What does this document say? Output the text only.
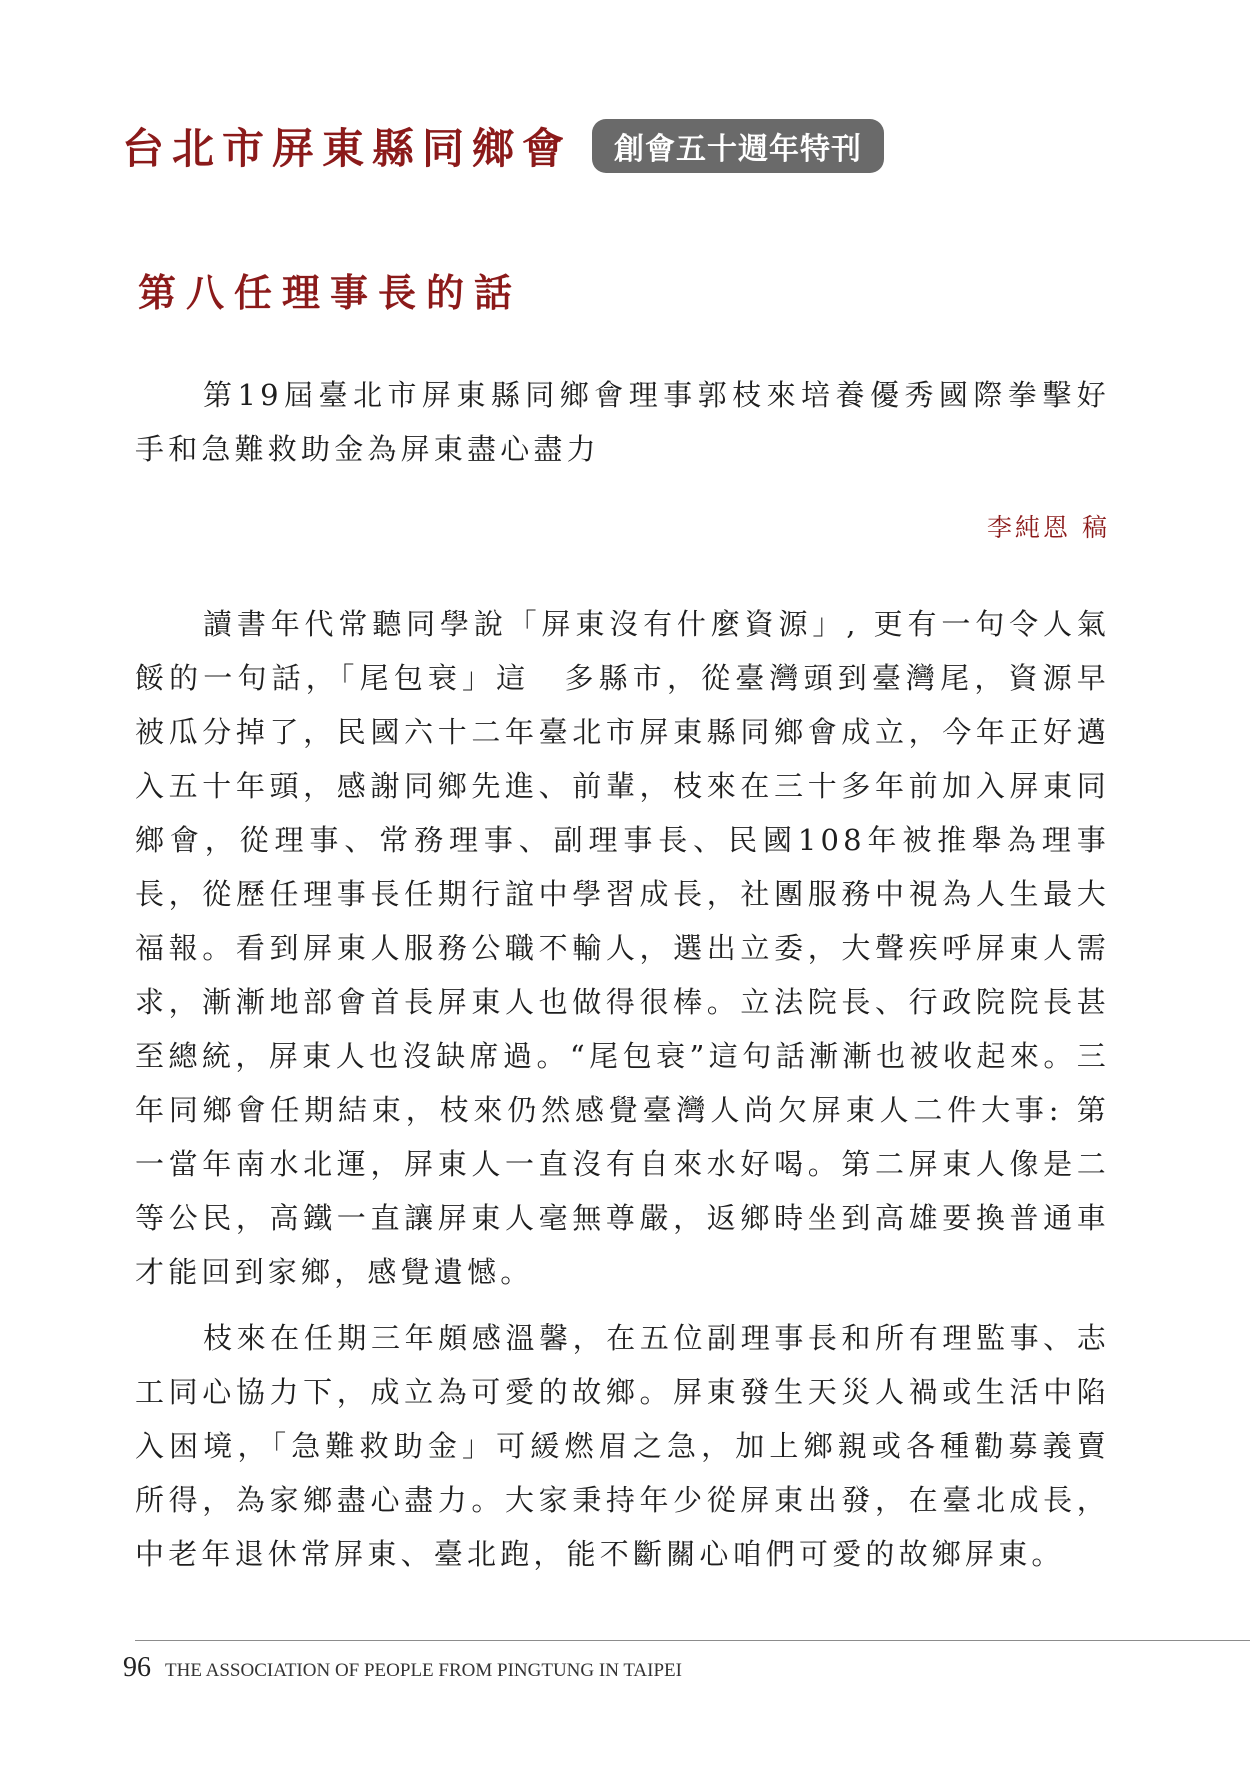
台北市屏東縣同鄉會	創會五十週年特刊
第八任理事長的話

第19屆臺北市屏東縣同鄉會理事郭枝來培養優秀國際拳擊好手和急難救助金為屏東盡心盡力

李純恩 稿

讀書年代常聽同學說「屏東沒有什麼資源」, 更有一句令人氣餒的一句話，「尾包衰」這　多縣市，從臺灣頭到臺灣尾，資源早被瓜分掉了，民國六十二年臺北市屏東縣同鄉會成立，今年正好邁入五十年頭，感謝同鄉先進、前輩，枝來在三十多年前加入屏東同鄉會，從理事、常務理事、副理事長、民國108年被推舉為理事長，從歷任理事長任期行誼中學習成長，社團服務中視為人生最大福報。看到屏東人服務公職不輸人，選出立委，大聲疾呼屏東人需求，漸漸地部會首長屏東人也做得很棒。立法院長、行政院院長甚至總統，屏東人也沒缺席過。“尾包衰”這句話漸漸也被收起來。三年同鄉會任期結束，枝來仍然感覺臺灣人尚欠屏東人二件大事: 第一當年南水北運，屏東人一直沒有自來水好喝。第二屏東人像是二等公民，高鐵一直讓屏東人毫無尊嚴，返鄉時坐到高雄要換普通車才能回到家鄉，感覺遺憾。

枝來在任期三年頗感溫馨，在五位副理事長和所有理監事、志工同心協力下，成立為可愛的故鄉。屏東發生天災人禍或生活中陷入困境，「急難救助金」可緩燃眉之急，加上鄉親或各種勸募義賣所得，為家鄉盡心盡力。大家秉持年少從屏東出發，在臺北成長，中老年退休常屏東、臺北跑，能不斷關心咱們可愛的故鄉屏東。

96 THE ASSOCIATION OF PEOPLE FROM PINGTUNG IN TAIPEI
